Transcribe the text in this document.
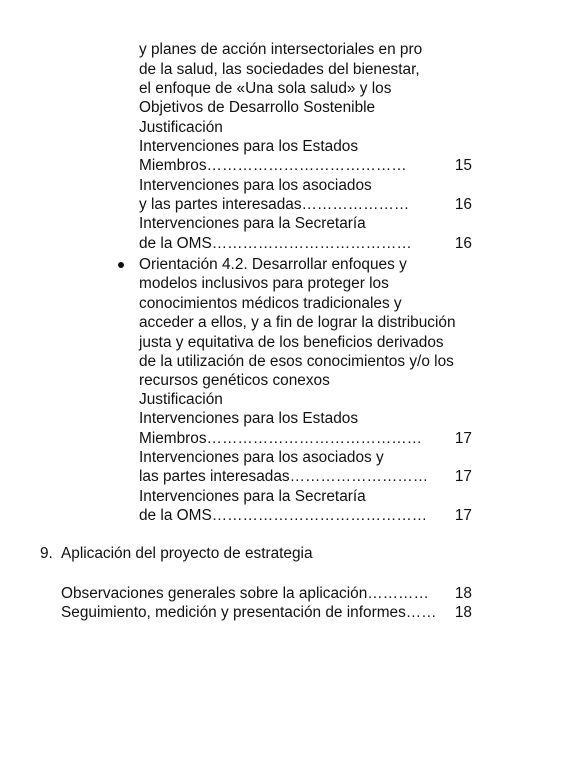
y planes de acción intersectoriales en pro
de la salud, las sociedades del bienestar,
el enfoque de «Una sola salud» y los
Objetivos de Desarrollo Sostenible
Justificación
Intervenciones para los Estados
Miembros…………………………………	15
Intervenciones para los asociados
y las partes interesadas…………………	16
Intervenciones para la Secretaría
de la OMS…………………………………	16
Orientación 4.2. Desarrollar enfoques y
modelos inclusivos para proteger los
conocimientos médicos tradicionales y
acceder a ellos, y a fin de lograr la distribución
justa y equitativa de los beneficios derivados
de la utilización de esos conocimientos y/o los
recursos genéticos conexos
Justificación
Intervenciones para los Estados
Miembros……………………………………	17
Intervenciones para los asociados y
las partes interesadas………………………	17
Intervenciones para la Secretaría
de la OMS……………………………………	17
9. Aplicación del proyecto de estrategia
Observaciones generales sobre la aplicación…………	18
Seguimiento, medición y presentación de informes……	18
